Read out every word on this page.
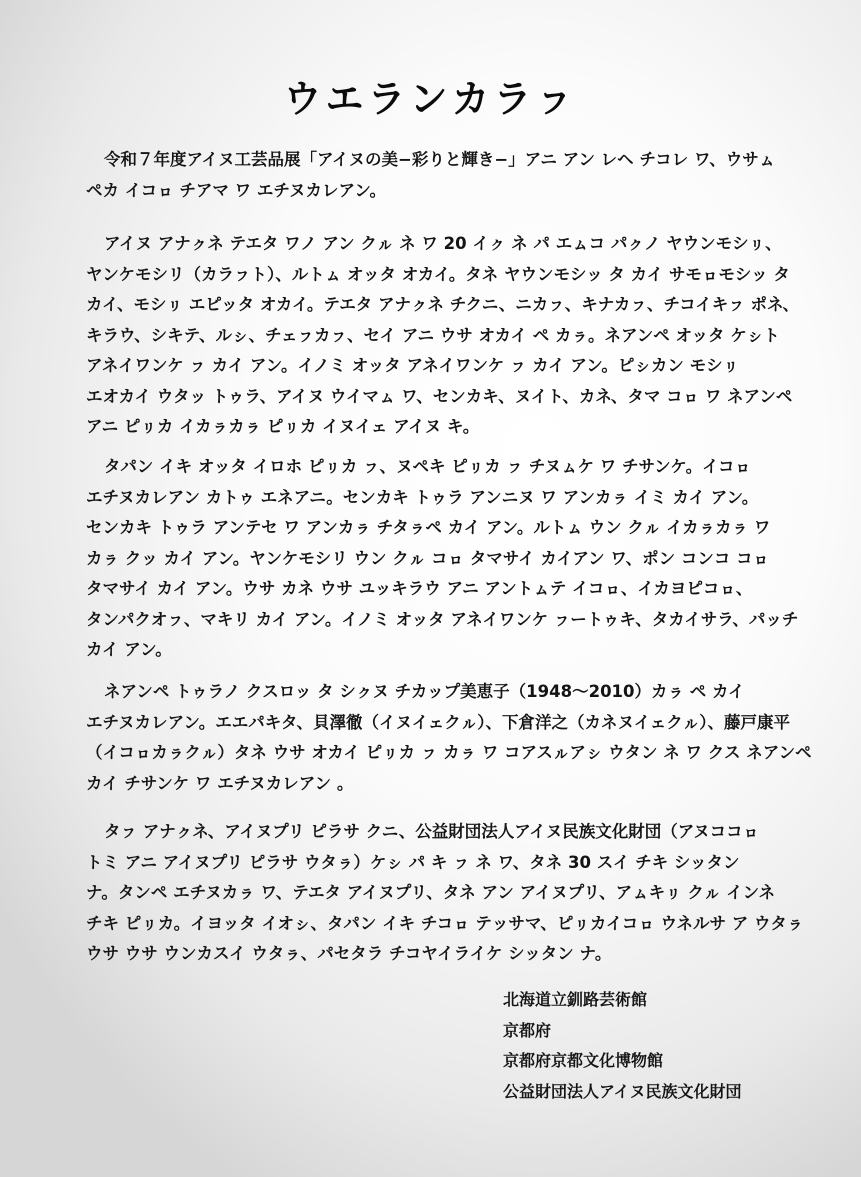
ウエランカラㇷ
令和７年度アイヌ工芸品展「アイヌの美−彩りと輝き−」アニ アン レヘ チコレ ワ、ウサㇺ
ペカ イコㇿ チアマ ワ エチヌカレアン。
アイヌ アナㇰネ テエタ ワノ アン クㇽ ネ ワ 20 イㇰ ネ パ エㇺコ パㇰノ ヤウンモシㇼ、
ヤンケモシリ（カラㇷト）、ルトㇺ オッタ オカイ。タネ ヤウンモシッ タ カイ サモㇿモシッ タ
カイ、モシㇼ エピッタ オカイ。テエタ アナㇰネ チクニ、ニカㇷ、キナカㇷ、チコイキㇷ ポネ、
キラウ、シキテ、ルㇱ、チェㇷカㇷ、セイ アニ ウサ オカイ ペ カㇻ。ネアンペ オッタ ケㇱト
アネイワンケ ㇷ カイ アン。イノミ オッタ アネイワンケ ㇷ カイ アン。ピㇱカン モシㇼ
エオカイ ウタッ トゥラ、アイヌ ウイマㇺ ワ、センカキ、ヌイト、カネ、タマ コㇿ ワ ネアンペ
アニ ピㇼカ イカㇻカㇻ ピㇼカ イヌイェ アイヌ キ。
タパン イキ オッタ イロホ ピㇼカ ㇷ、ヌペキ ピㇼカ ㇷ チヌㇺケ ワ チサンケ。イコㇿ
エチヌカレアン カトゥ エネアニ。センカキ トゥラ アンニヌ ワ アンカㇻ イミ カイ アン。
センカキ トゥラ アンテセ ワ アンカㇻ チタㇻペ カイ アン。ルトㇺ ウン クㇽ イカㇻカㇻ ワ
カㇻ クッ カイ アン。ヤンケモシリ ウン クㇽ コㇿ タマサイ カイアン ワ、ポン コンコ コㇿ
タマサイ カイ アン。ウサ カネ ウサ ユッキラウ アニ アントㇺテ イコㇿ、イカヨピコㇿ、
タンパクオㇷ、マキリ カイ アン。イノミ オッタ アネイワンケ ㇷートゥキ、タカイサラ、パッチ
カイ アン。
ネアンペ トゥラノ クスロッ タ シㇰヌ チカップ美恵子（1948〜2010）カㇻ ペ カイ
エチヌカレアン。エエパキタ、貝澤徹（イヌイェクㇽ）、下倉洋之（カネヌイェクㇽ）、藤戸康平
（イコㇿカㇻクㇽ）タネ ウサ オカイ ピㇼカ ㇷ カㇻ ワ コアスㇽアㇱ ウタン ネ ワ クス ネアンペ
カイ チサンケ ワ エチヌカレアン 。
タㇷ アナㇰネ、アイヌプリ ピラサ クニ、公益財団法人アイヌ民族文化財団（アヌココㇿ
トミ アニ アイヌプリ ピラサ ウタㇻ）ケㇱ パ キ ㇷ ネ ワ、タネ 30 スイ チキ シッタン
ナ。タンペ エチヌカㇻ ワ、テエタ アイヌプリ、タネ アン アイヌプリ、アㇺキㇼ クㇽ インネ
チキ ピㇼカ。イヨッタ イオㇱ、タパン イキ チコㇿ テッサマ、ピㇼカイコㇿ ウネルサ ア ウタㇻ
ウサ ウサ ウンカスイ ウタㇻ、パセタラ チコヤイライケ シッタン ナ。
北海道立釧路芸術館
京都府
京都府京都文化博物館
公益財団法人アイヌ民族文化財団
